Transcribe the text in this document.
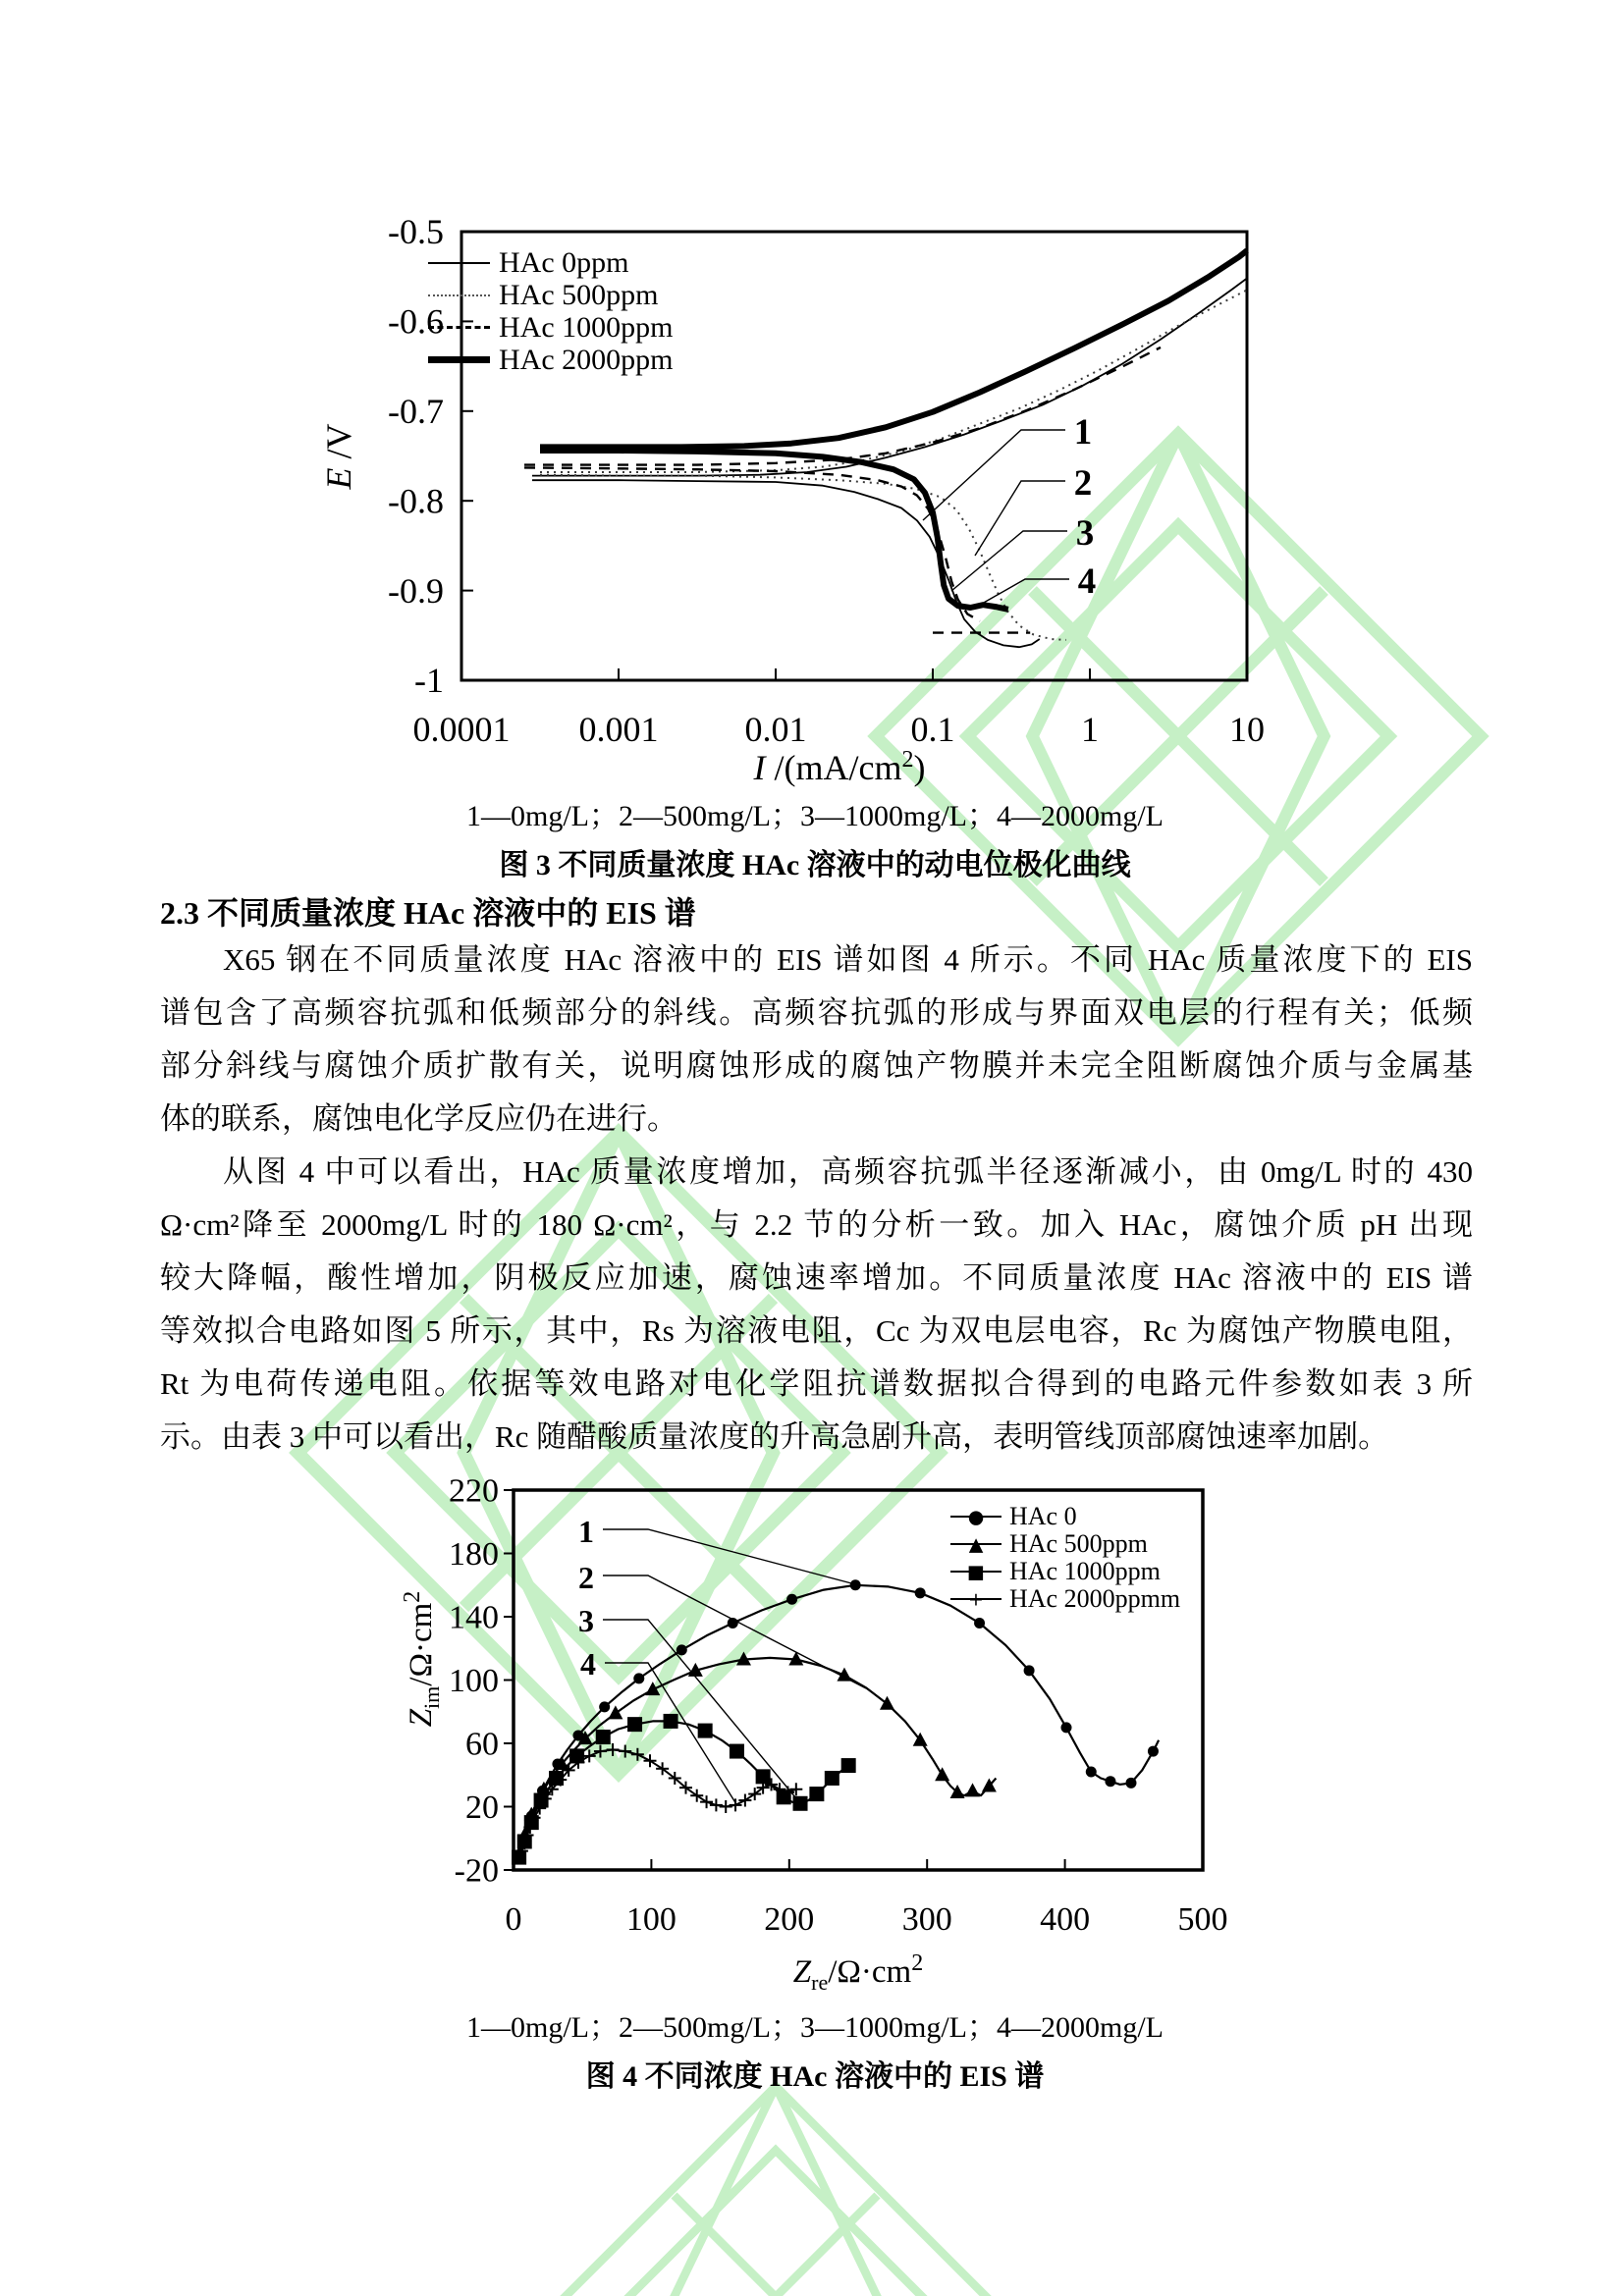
0.0001 0.001 0.01	0.1	1	10
-0.5
-0.6
-0.7
-0.8
-0.9
-1
1
2
3
4
0	100	200	300	400	500
220
180
140
100
60
20
-20
1
2
3
4
HAc 0ppm
HAc 500ppm
HAc 1000ppm
HAc 2000ppm
E /V
I $/(mA/cm^2)$
1—0mg/L；2—500mg/L；3—1000mg/L；4—2000mg/L
图 3 不同质量浓度 HAc 溶液中的动电位极化曲线
2.3 不同质量浓度 HAc 溶液中的 EIS 谱
X65 钢在不同质量浓度 HAc 溶液中的 EIS 谱如图 4 所示。不同 HAc 质量浓度下的 EIS
谱包含了高频容抗弧和低频部分的斜线。高频容抗弧的形成与界面双电层的行程有关；低频
部分斜线与腐蚀介质扩散有关，说明腐蚀形成的腐蚀产物膜并未完全阻断腐蚀介质与金属基
体的联系，腐蚀电化学反应仍在进行。
从图 4 中可以看出，HAc 质量浓度增加，高频容抗弧半径逐渐减小，由 0mg/L 时的 430
Ω·cm²降至 2000mg/L 时的 180 Ω·cm²，与 2.2 节的分析一致。加入 HAc，腐蚀介质 pH 出现
较大降幅，酸性增加，阴极反应加速，腐蚀速率增加。不同质量浓度 HAc 溶液中的 EIS 谱
等效拟合电路如图 5 所示，其中，Rs 为溶液电阻，Cc 为双电层电容，Rc 为腐蚀产物膜电阻，
Rt 为电荷传递电阻。依据等效电路对电化学阻抗谱数据拟合得到的电路元件参数如表 3 所
示。由表 3 中可以看出，Rc 随醋酸质量浓度的升高急剧升高，表明管线顶部腐蚀速率加剧。
● HAc 0
▲ HAc 500ppm
■ HAc 1000ppm
+ HAc 2000ppmm
$Z_{im}/\Omega\cdot cm^2$
$Z_{re}/\Omega\cdot cm^2$
1—0mg/L；2—500mg/L；3—1000mg/L；4—2000mg/L
图 4 不同浓度 HAc 溶液中的 EIS 谱
